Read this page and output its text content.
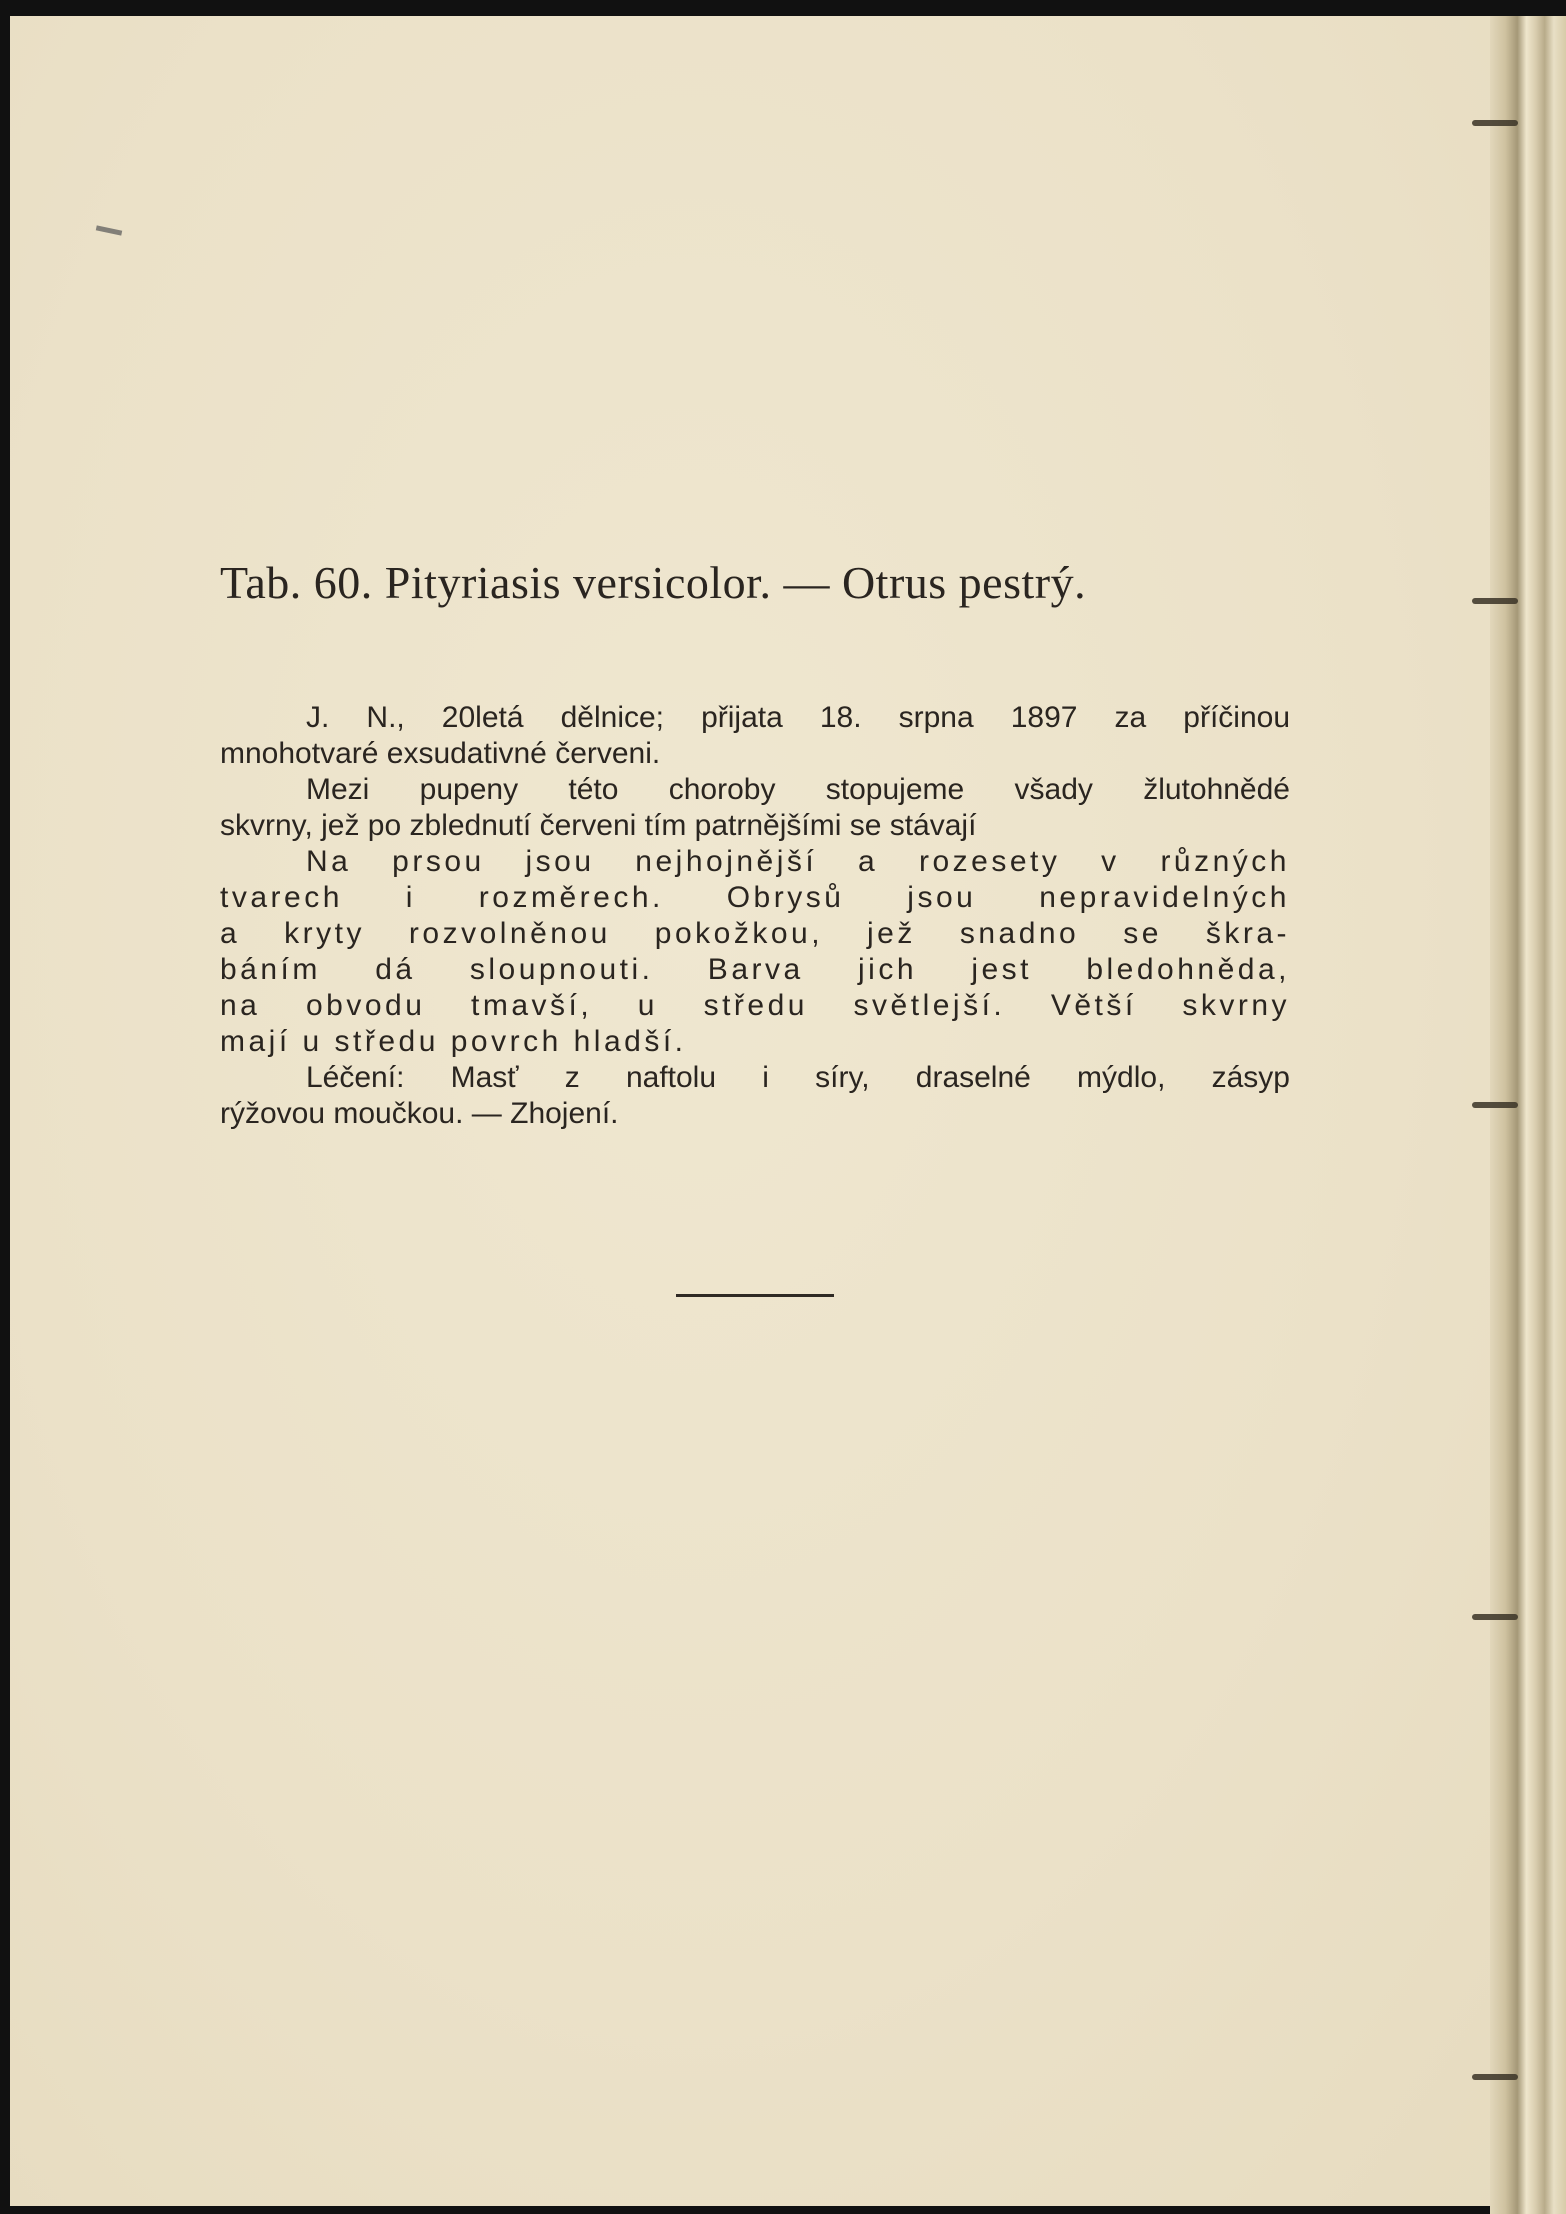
Tab. 60. Pityriasis versicolor. — Otrus pestrý.
J. N., 20letá dělnice; přijata 18. srpna 1897 za příčinou
mnohotvaré exsudativné červeni.
Mezi pupeny této choroby stopujeme všady žlutohnědé
skvrny, jež po zblednutí červeni tím patrnějšími se stávají
Na prsou jsou nejhojnější a rozesety v různých
tvarech i rozměrech. Obrysů jsou nepravidelných
a kryty rozvolněnou pokožkou, jež snadno se škra-
báním dá sloupnouti. Barva jich jest bledohněda,
na obvodu tmavší, u středu světlejší. Větší skvrny
mají u středu povrch hladší.
Léčení: Masť z naftolu i síry, draselné mýdlo, zásyp
rýžovou moučkou. — Zhojení.
